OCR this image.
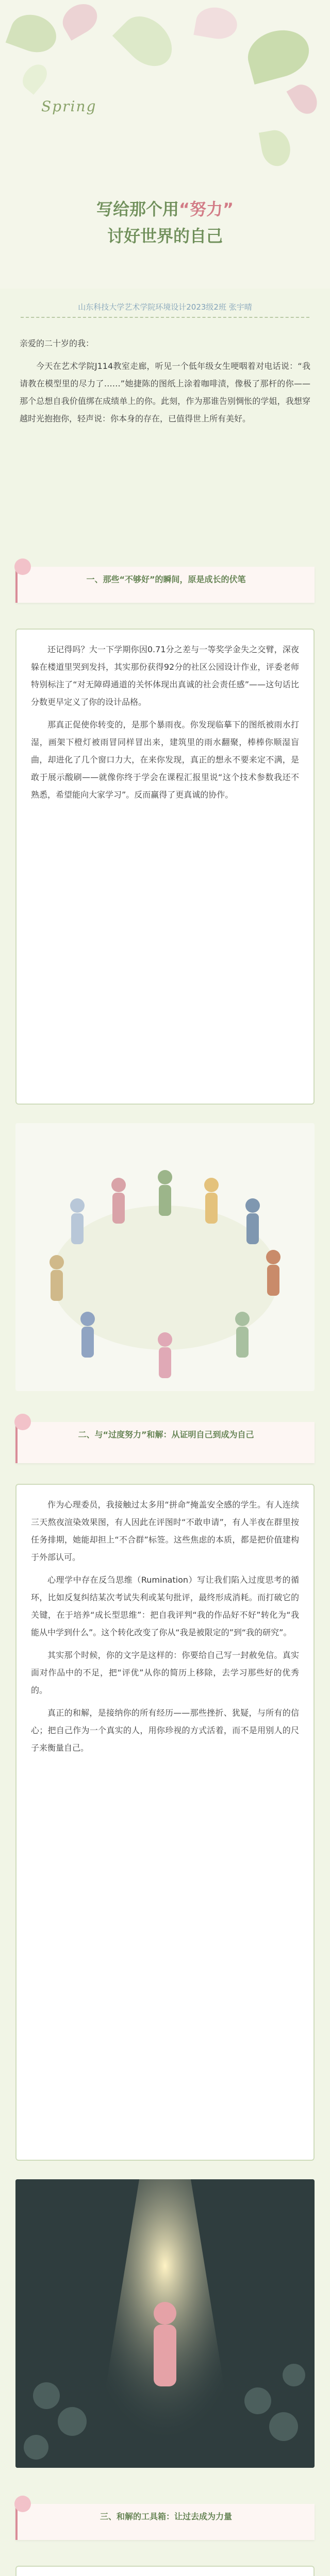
Spring
写给那个用“努力”
讨好世界的自己
山东科技大学艺术学院环境设计2023级2班 张宇晴

亲爱的二十岁的我：

今天在艺术学院J114教室走廊，听见一个低年级女生哽咽着对电话说：“我请教在模型里的尽力了……”她捷陈的图纸上涂着咖啡渍，像极了那杆的你——那个总想自我价值绑在成绩单上的你。此刻，作为那谁告别惆怅的学姐，我想穿越时光抱抱你，轻声说：你本身的存在，已值得世上所有美好。

一、那些“不够好”的瞬间，原是成长的伏笔

还记得吗？大一下学期你因0.71分之差与一等奖学金失之交臂，深夜躲在楼道里哭到发抖，其实那份获得92分的社区公园设计作业，评委老师特别标注了“对无障碍通道的关怀体现出真诚的社会责任感”——这句话比分数更早定义了你的设计品格。

那真正促使你转变的，是那个暴雨夜。你发现临摹下的图纸被雨水打湿，画架下橙灯被雨冒同样冒出来，建筑里的雨水翻聚，棒棒你顺湿盲曲，却进化了几个窗口力大，在来你发现，真正的想永不要来定不满，是敢于展示酸刷——就像你终于学会在课程汇报里说“这个技术参数我还不熟悉，希望能向大家学习”。反而赢得了更真诚的协作。

二、与“过度努力”和解：从证明自己到成为自己

作为心理委员，我接触过太多用“拼命”掩盖安全感的学生。有人连续三天熬夜渲染效果图，有人因此在评图时“不敢申请”，有人半夜在群里按任务排期，她能却担上“不合群”标签。这些焦虑的本质，都是把价值建构于外部认可。

心理学中存在反刍思维（Rumination）写让我们陷入过度思考的循环，比如反复纠结某次考试失利或某句批评，最终形成消耗。而打破它的关键，在于培养“成长型思维”：把自我评判“我的作品好不好”转化为“我能从中学到什么”。这个转化改变了你从“我是被限定的”到“我的研究”。

其实那个时候，你的文字是这样的：你要给自己写一封赦免信。真实面对作品中的不足，把“评优”从你的简历上移除，去学习那些好的优秀的。

真正的和解，是接纳你的所有经历——那些挫折、犹疑，与所有的信心；把自己作为一个真实的人，用你珍视的方式活着，而不是用别人的尺子来衡量自己。

三、和解的工具箱：让过去成为力量
